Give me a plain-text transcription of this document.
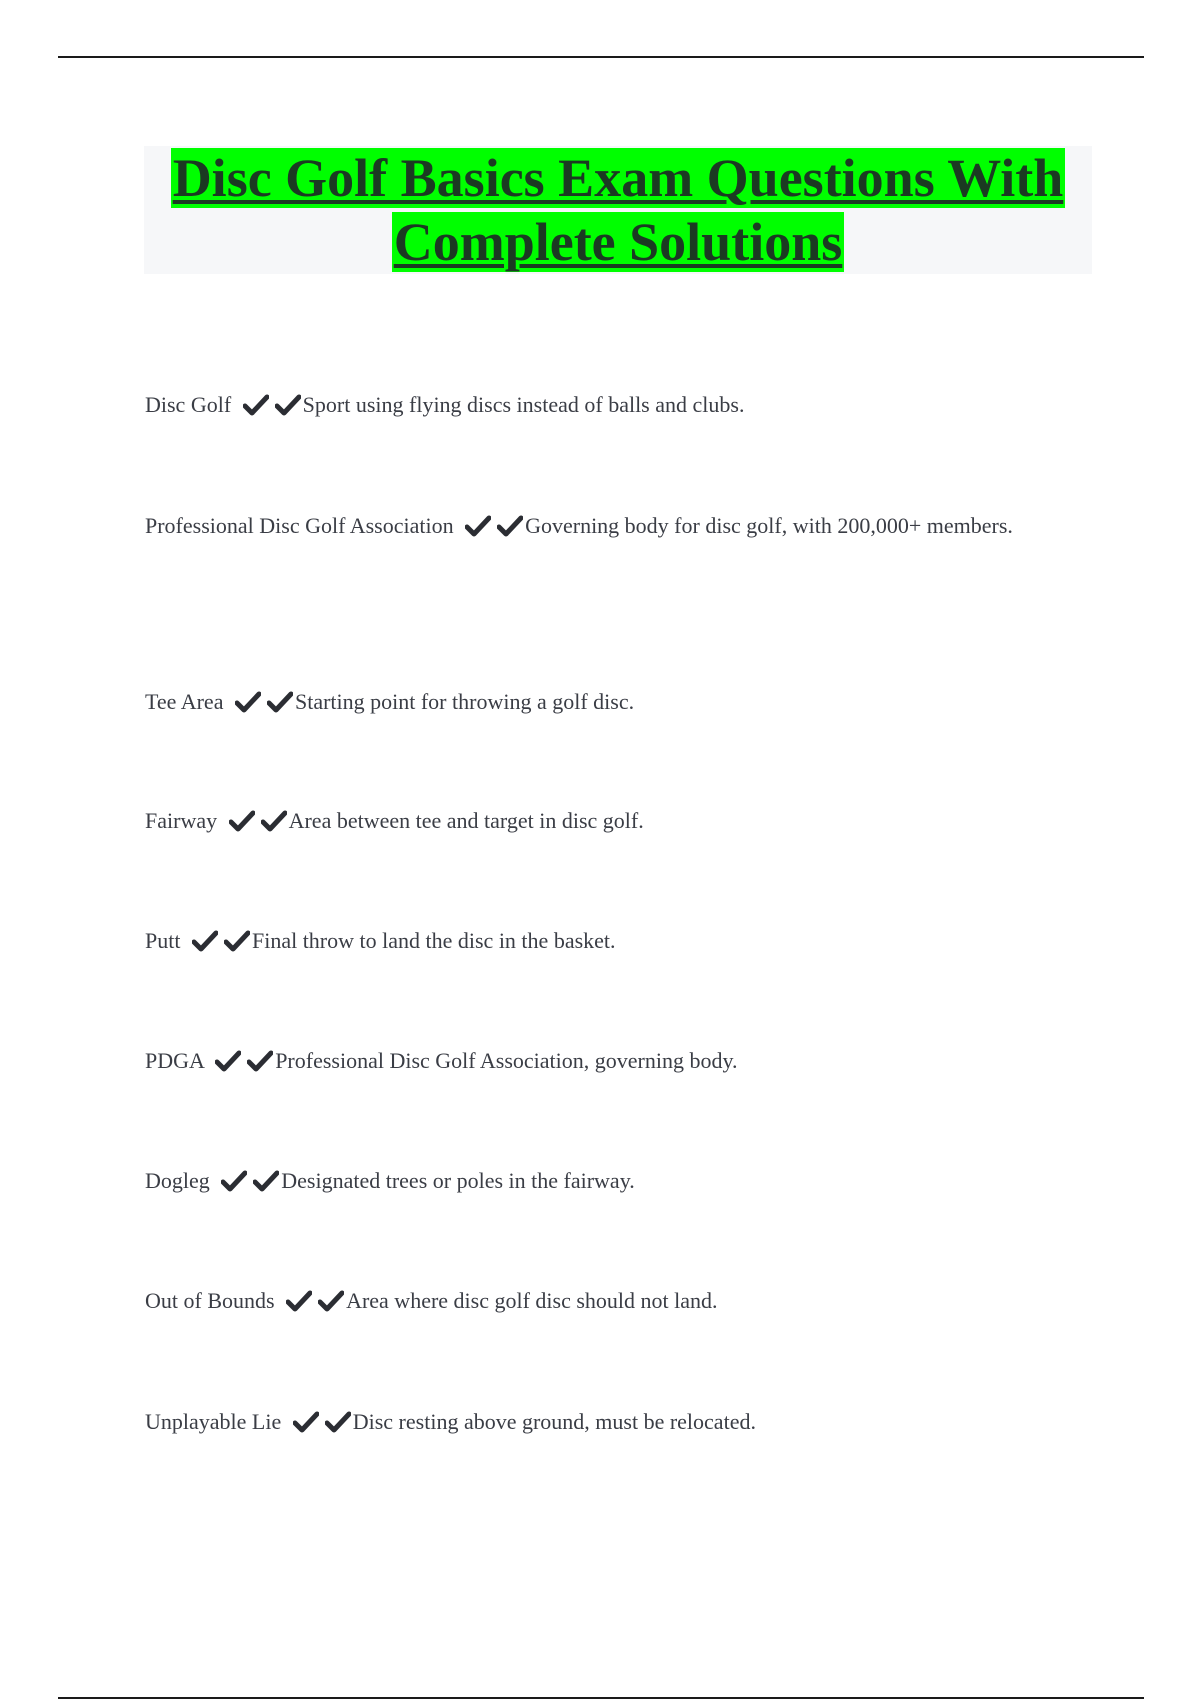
Disc Golf Basics Exam Questions With
Complete Solutions
Disc Golf	Sport using flying discs instead of balls and clubs.
Professional Disc Golf Association	Governing body for disc golf, with 200,000+ members.
Tee Area	Starting point for throwing a golf disc.
Fairway	Area between tee and target in disc golf.
Putt	Final throw to land the disc in the basket.
PDGA	Professional Disc Golf Association, governing body.
Dogleg	Designated trees or poles in the fairway.
Out of Bounds	Area where disc golf disc should not land.
Unplayable Lie	Disc resting above ground, must be relocated.
